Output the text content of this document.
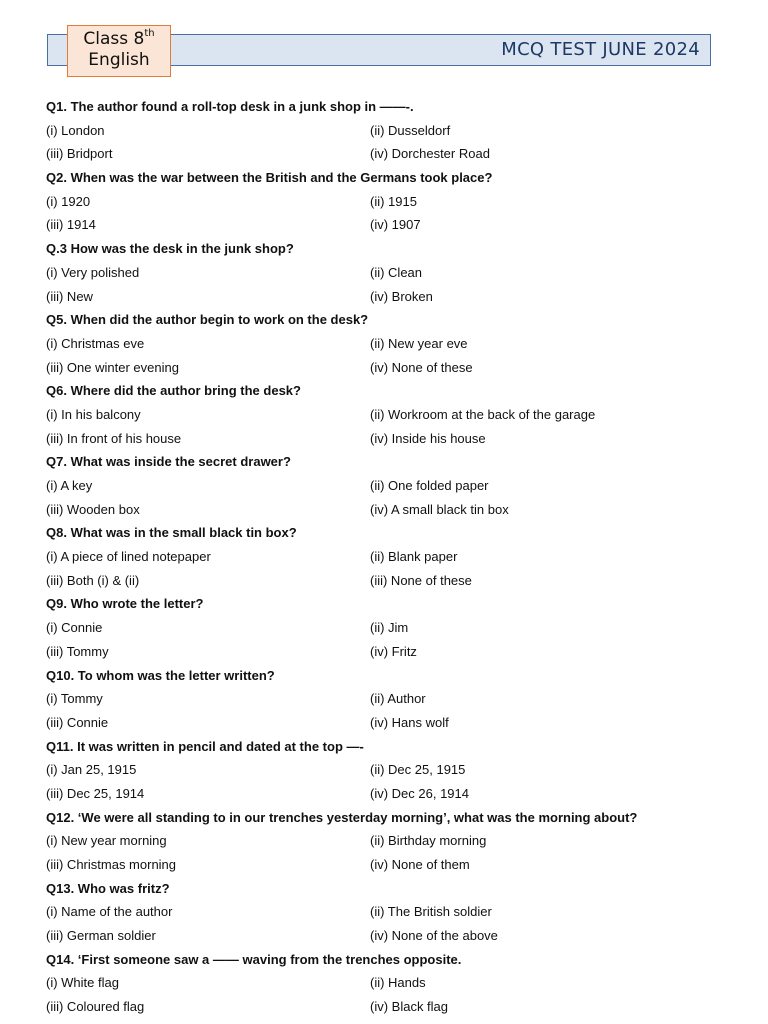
MCQ TEST JUNE 2024
Class 8th
English
Q1. The author found a roll-top desk in a junk shop in ——-.
(i) London	(ii) Dusseldorf
(iii) Bridport	(iv) Dorchester Road
Q2. When was the war between the British and the Germans took place?
(i) 1920	(ii) 1915
(iii) 1914	(iv) 1907
Q.3 How was the desk in the junk shop?
(i) Very polished	(ii) Clean
(iii) New	(iv) Broken
Q5. When did the author begin to work on the desk?
(i) Christmas eve	(ii) New year eve
(iii) One winter evening	(iv) None of these
Q6. Where did the author bring the desk?
(i) In his balcony	(ii) Workroom at the back of the garage
(iii) In front of his house	(iv) Inside his house
Q7. What was inside the secret drawer?
(i) A key	(ii) One folded paper
(iii) Wooden box	(iv) A small black tin box
Q8. What was in the small black tin box?
(i) A piece of lined notepaper	(ii) Blank paper
(iii) Both (i) & (ii)	(iii) None of these
Q9. Who wrote the letter?
(i) Connie	(ii) Jim
(iii) Tommy	(iv) Fritz
Q10. To whom was the letter written?
(i) Tommy	(ii) Author
(iii) Connie	(iv) Hans wolf
Q11. It was written in pencil and dated at the top —-
(i) Jan 25, 1915	(ii) Dec 25, 1915
(iii) Dec 25, 1914	(iv) Dec 26, 1914
Q12. ‘We were all standing to in our trenches yesterday morning’, what was the morning about?
(i) New year morning	(ii) Birthday morning
(iii) Christmas morning	(iv) None of them
Q13. Who was fritz?
(i) Name of the author	(ii) The British soldier
(iii) German soldier	(iv) None of the above
Q14. ‘First someone saw a —— waving from the trenches opposite.
(i) White flag	(ii) Hands
(iii) Coloured flag	(iv) Black flag
